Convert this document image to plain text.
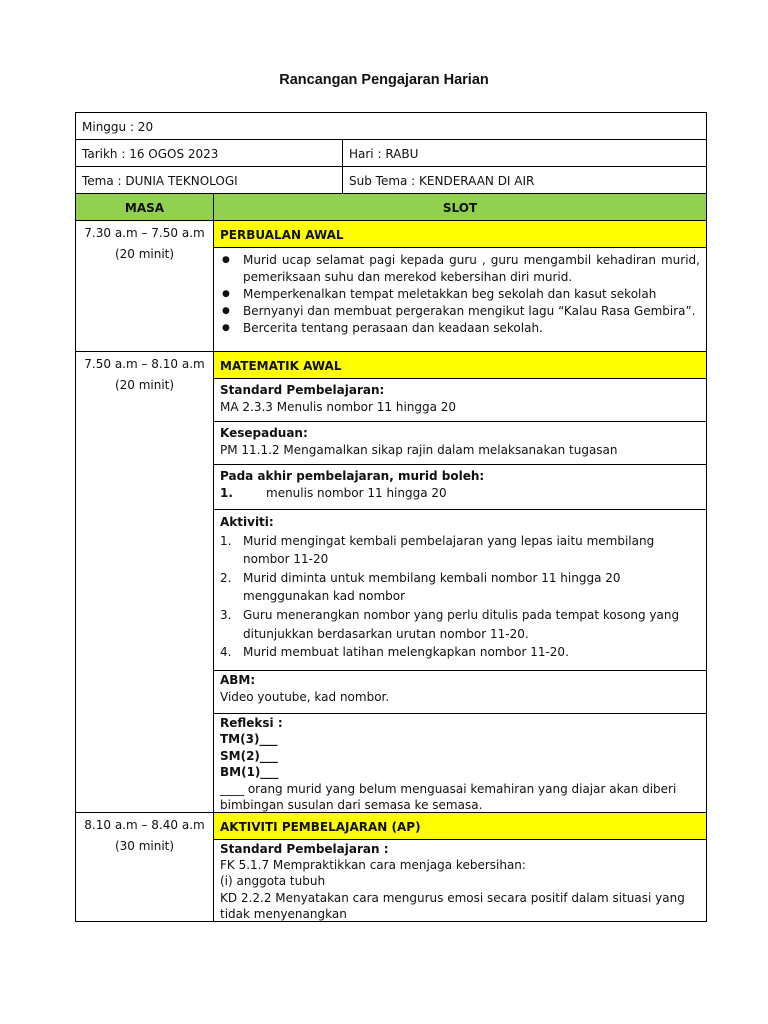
Rancangan Pengajaran Harian
Minggu : 20
Tarikh : 16 OGOS 2023	Hari : RABU
Tema : DUNIA TEKNOLOGI	Sub Tema : KENDERAAN DI AIR
MASA	SLOT
7.30 a.m – 7.50 a.m
(20 minit)
PERBUALAN AWAL
● Murid ucap selamat pagi kepada guru , guru mengambil kehadiran murid, pemeriksaan suhu dan merekod kebersihan diri murid.
● Memperkenalkan tempat meletakkan beg sekolah dan kasut sekolah
● Bernyanyi dan membuat pergerakan mengikut lagu “Kalau Rasa Gembira”.
● Bercerita tentang perasaan dan keadaan sekolah.
7.50 a.m – 8.10 a.m
(20 minit)
MATEMATIK AWAL
Standard Pembelajaran:
MA 2.3.3 Menulis nombor 11 hingga 20
Kesepaduan:
PM 11.1.2 Mengamalkan sikap rajin dalam melaksanakan tugasan
Pada akhir pembelajaran, murid boleh:
1.	menulis nombor 11 hingga 20
Aktiviti:
1. Murid mengingat kembali pembelajaran yang lepas iaitu membilang nombor 11-20
2. Murid diminta untuk membilang kembali nombor 11 hingga 20 menggunakan kad nombor
3. Guru menerangkan nombor yang perlu ditulis pada tempat kosong yang ditunjukkan berdasarkan urutan nombor 11-20.
4. Murid membuat latihan melengkapkan nombor 11-20.
ABM:
Video youtube, kad nombor.
Refleksi :
TM(3)___
SM(2)___
BM(1)___
____ orang murid yang belum menguasai kemahiran yang diajar akan diberi bimbingan susulan dari semasa ke semasa.
8.10 a.m – 8.40 a.m
(30 minit)
AKTIVITI PEMBELAJARAN (AP)
Standard Pembelajaran :
FK 5.1.7 Mempraktikkan cara menjaga kebersihan:
(i) anggota tubuh
KD 2.2.2 Menyatakan cara mengurus emosi secara positif dalam situasi yang tidak menyenangkan
